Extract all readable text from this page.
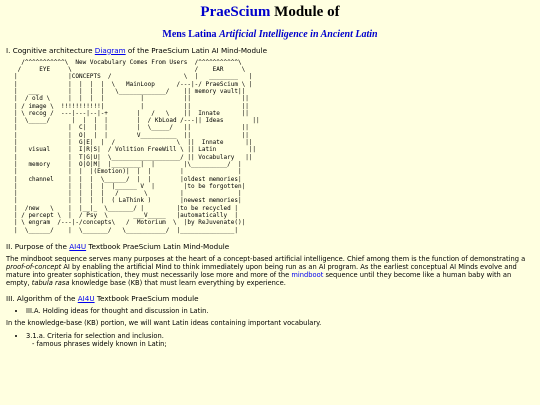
PraeScium Module of
Mens Latina Artificial Intelligence in Ancient Latin
I. Cognitive architecture Diagram of the PraeScium Latin AI Mind-Module
/^^^^^^^^^^^\  New Vocabulary Comes From Users  /^^^^^^^^^^^\
/     EYE     \                                  /    EAR     \
|              |CONCEPTS  /                    \  |   ________   |
|              |  |  |  |  \   MainLoop      /---|-/ PraeScium \ |
|   ___        |  |  |  |   \_____________/    || memory vault||
|  / old \     |  |  |  |          |           ||              ||
| / image \  !!!!!!!!!!!|          |           ||              ||
| \ recog /  ---|---|--|-+        |   /   \    ||  Innate      ||
|  \_____/      |  |  |  |        |  / KbLoad /---|| Ideas        ||
|              |  C|  |  |        |  \_____/   ||              ||
|              |  O|  |  |        V__________  ||              ||
|              |  G|E|  |  /                 \  ||  Innate      ||
|   visual     |  I|R|S|  / Volition FreeWill \ || Latin         ||
|              |  T|G|U|  \___________________/ || Vocabulary   ||
|   memory     |  O|O|M|  |________|  |        |\__________/  |
|              |  |  |(Emotion)|  |  |        |               |
|   channel    |  |  |  \______/  |  |        |oldest memories|
|              |  |  |  |  |______ V  |        |to be forgotten|
|              |  |  |  |   /       \         |               |
|              |  |  |  |  ( LaThink )        |newest memories|
|  /new   \    |  |__|_  \_______/ |         |to be recycled |
| / percept \  |  / Psy  \       ___V_____   |automatically  |
| \ engram  /---|-/concepts\   /  Motorium  \  |by ReJuvenate()|
|  \______/    |  \_______/   \___________/  |_______________|
II. Purpose of the AI4U Textbook PraeScium Latin Mind-Module

The mindboot sequence serves many purposes at the heart of a concept-based artificial intelligence. Chief among them is the function of demonstrating a proof-of-concept AI by enabling the artificial Mind to think immediately upon being run as an AI program. As the earliest conceptual AI Minds evolve and mature into greater sophistication, they must necessarily lose more and more of the mindboot sequence until they become like a human baby with an empty, tabula rasa knowledge base (KB) that must learn everything by experience.

III. Algorithm of the AI4U Textbook PraeScium module
• III.A. Holding ideas for thought and discussion in Latin.

In the knowledge-base (KB) portion, we will want Latin ideas containing important vocabulary.

• 3.1.a. Criteria for selection and inclusion.
- famous phrases widely known in Latin;
